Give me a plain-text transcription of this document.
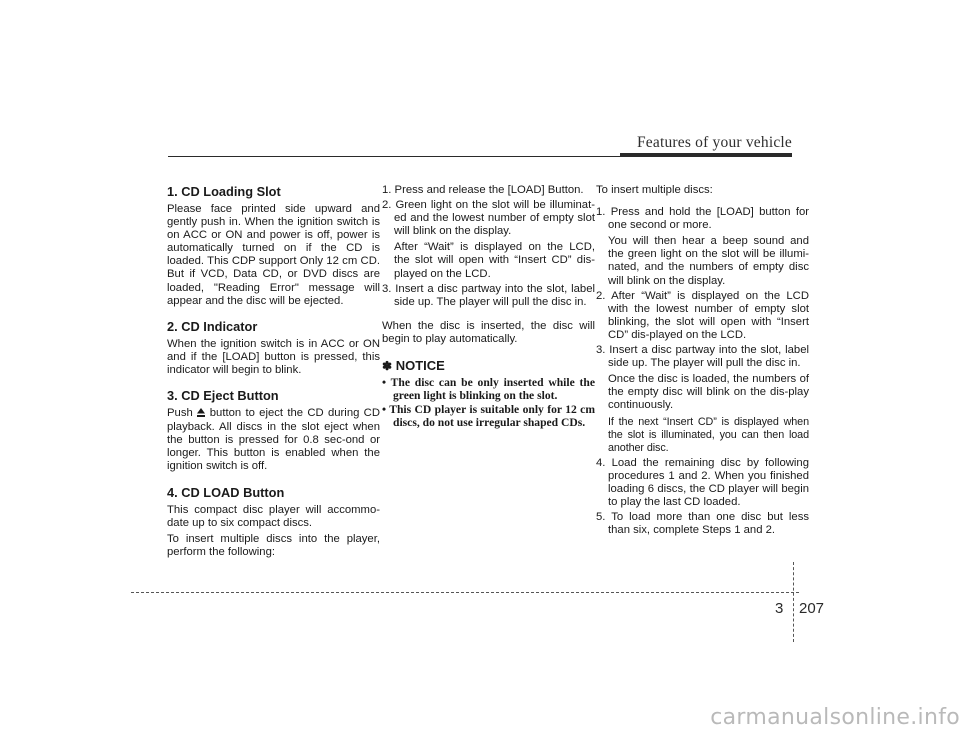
Features of your vehicle
1. CD Loading Slot

Please face printed side upward and gently push in. When the ignition switch is on ACC or ON and power is off, power is automatically turned on if the CD is loaded. This CDP support Only 12 cm CD. But if VCD, Data CD, or DVD discs are loaded, "Reading Error" message will appear and the disc will be ejected.

2. CD Indicator

When the ignition switch is in ACC or ON and if the [LOAD] button is pressed, this indicator will begin to blink.

3. CD Eject Button

Push button to eject the CD during CD playback. All discs in the slot eject when the button is pressed for 0.8 sec-ond or longer. This button is enabled when the ignition switch is off.

4. CD LOAD Button

This compact disc player will accommo-date up to six compact discs.

To insert multiple discs into the player, perform the following:

1. Press and release the [LOAD] Button.
2. Green light on the slot will be illuminat-ed and the lowest number of empty slot will blink on the display.
After “Wait” is displayed on the LCD, the slot will open with “Insert CD” dis-played on the LCD.
3. Insert a disc partway into the slot, label side up. The player will pull the disc in.

When the disc is inserted, the disc will begin to play automatically.

✽ NOTICE
• The disc can be only inserted while the green light is blinking on the slot.
• This CD player is suitable only for 12 cm discs, do not use irregular shaped CDs.

To insert multiple discs:

1. Press and hold the [LOAD] button for one second or more.
You will then hear a beep sound and the green light on the slot will be illumi-nated, and the numbers of empty disc will blink on the display.
2. After “Wait” is displayed on the LCD with the lowest number of empty slot blinking, the slot will open with “Insert CD” dis-played on the LCD.
3. Insert a disc partway into the slot, label side up. The player will pull the disc in.
Once the disc is loaded, the numbers of the empty disc will blink on the dis-play continuously.
If the next “Insert CD” is displayed when the slot is illuminated, you can then load another disc.
4. Load the remaining disc by following procedures 1 and 2. When you finished loading 6 discs, the CD player will begin to play the last CD loaded.
5. To load more than one disc but less than six, complete Steps 1 and 2.
3 207
carmanualsonline.info
